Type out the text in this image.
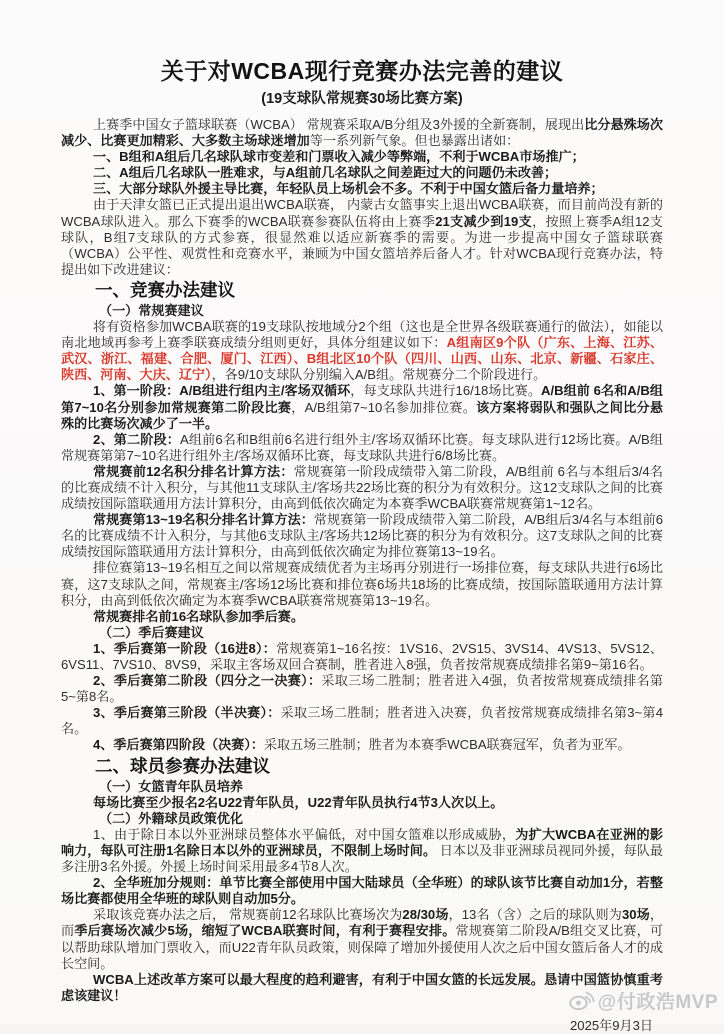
关于对WCBA现行竞赛办法完善的建议
(19支球队常规赛30场比赛方案)
上赛季中国女子篮球联赛（WCBA） 常规赛采取A/B分组及3外援的全新赛制，展现出比分悬殊场次减少、比赛更加精彩、大多数主场球迷增加等一系列新气象。但也暴露出诸如：
一、B组和A组后几名球队球市变差和门票收入减少等弊端，不利于WCBA市场推广；
二、A组后几名球队一胜难求，与A组前几名球队之间差距过大的问题仍未改善；
三、大部分球队外援主导比赛，年轻队员上场机会不多。不利于中国女篮后备力量培养；
由于天津女篮已正式提出退出WCBA联赛， 内蒙古女篮事实上退出WCBA联赛，而目前尚没有新的WCBA球队进入。那么下赛季的WCBA联赛参赛队伍将由上赛季21支减少到19支，按照上赛季A组12支球队，B组7支球队的方式参赛，很显然难以适应新赛季的需要。为进一步提高中国女子篮球联赛（WCBA）公平性、观赏性和竞赛水平，兼顾为中国女篮培养后备人才。针对WCBA现行竞赛办法，特提出如下改进建议：
一、竞赛办法建议
（一）常规赛建议
将有资格参加WCBA联赛的19支球队按地域分2个组（这也是全世界各级联赛通行的做法），如能以南北地域再参考上赛季联赛成绩分组则更好，具体分组建议如下：A组南区9个队（广东、上海、江苏、武汉、浙江、福建、合肥、厦门、江西）、B组北区10个队（四川、山西、山东、北京、新疆、石家庄、陕西、河南、大庆、辽宁），各9/10支球队分别编入A/B组。常规赛分二个阶段进行。
1、第一阶段：A/B组进行组内主/客场双循环，每支球队共进行16/18场比赛。A/B组前 6名和A/B组第7~10名分别参加常规赛第二阶段比赛，A/B组第7~10名参加排位赛。该方案将弱队和强队之间比分悬殊的比赛场次减少了一半。
2、第二阶段：A组前6名和B组前6名进行组外主/客场双循环比赛。每支球队进行12场比赛。A/B组常规赛第第7~10名进行组外主/客场双循环比赛，每支球队共进行6/8场比赛。
常规赛前12名积分排名计算方法：常规赛第一阶段成绩带入第二阶段，A/B组前 6名与本组后3/4名的比赛成绩不计入积分，与其他11支球队主/客场共22场比赛的积分为有效积分。这12支球队之间的比赛成绩按国际篮联通用方法计算积分，由高到低依次确定为本赛季WCBA联赛常规赛第1~12名。
常规赛第13~19名积分排名计算方法：常规赛第一阶段成绩带入第二阶段，A/B组后3/4名与本组前6名的比赛成绩不计入积分，与其他6支球队主/客场共12场比赛的积分为有效积分。这7支球队之间的比赛成绩按国际篮联通用方法计算积分，由高到低依次确定为排位赛第13~19名。
排位赛第13~19名相互之间以常规赛成绩优者为主场再分别进行一场排位赛，每支球队共进行6场比赛，这7支球队之间，常规赛主/客场12场比赛和排位赛6场共18场的比赛成绩，按国际篮联通用方法计算积分，由高到低依次确定为本赛季WCBA联赛常规赛第13~19名。
常规赛排名前16名球队参加季后赛。
（二）季后赛建议
1、季后赛第一阶段（16进8）：常规赛第1~16名按：1VS16、2VS15、3VS14、4VS13、5VS12、6VS11、7VS10、8VS9，采取主客场双回合赛制，胜者进入8强，负者按常规赛成绩排名第9~第16名。
2、季后赛第二阶段（四分之一决赛）：采取三场二胜制；胜者进入4强，负者按常规赛成绩排名第5~第8名。
3、季后赛第三阶段（半决赛）：采取三场二胜制；胜者进入决赛，负者按常规赛成绩排名第3~第4名。
4、季后赛第四阶段（决赛）：采取五场三胜制；胜者为本赛季WCBA联赛冠军，负者为亚军。
二、球员参赛办法建议
（一）女篮青年队员培养
每场比赛至少报名2名U22青年队员，U22青年队员执行4节3人次以上。
（二）外籍球员政策优化
1、由于除日本以外亚洲球员整体水平偏低，对中国女篮难以形成威胁，为扩大WCBA在亚洲的影响力，每队可注册1名除日本以外的亚洲球员，不限制上场时间。 日本以及非亚洲球员视同外援，每队最多注册3名外援。外援上场时间采用最多4节8人次。
2、全华班加分规则：单节比赛全部使用中国大陆球员（全华班）的球队该节比赛自动加1分，若整场比赛都使用全华班的球队则自动加5分。
采取该竞赛办法之后， 常规赛前12名球队比赛场次为28/30场，13名（含）之后的球队则为30场，而季后赛场次减少5场，缩短了WCBA联赛时间，有利于赛程安排。常规赛第二阶段A/B组交叉比赛，可以帮助球队增加门票收入，而U22青年队员政策，则保障了增加外援使用人次之后中国女篮后备人才的成长空间。
WCBA上述改革方案可以最大程度的趋利避害，有利于中国女篮的长远发展。恳请中国篮协慎重考虑该建议！
2025年9月3日
@付政浩MVP
